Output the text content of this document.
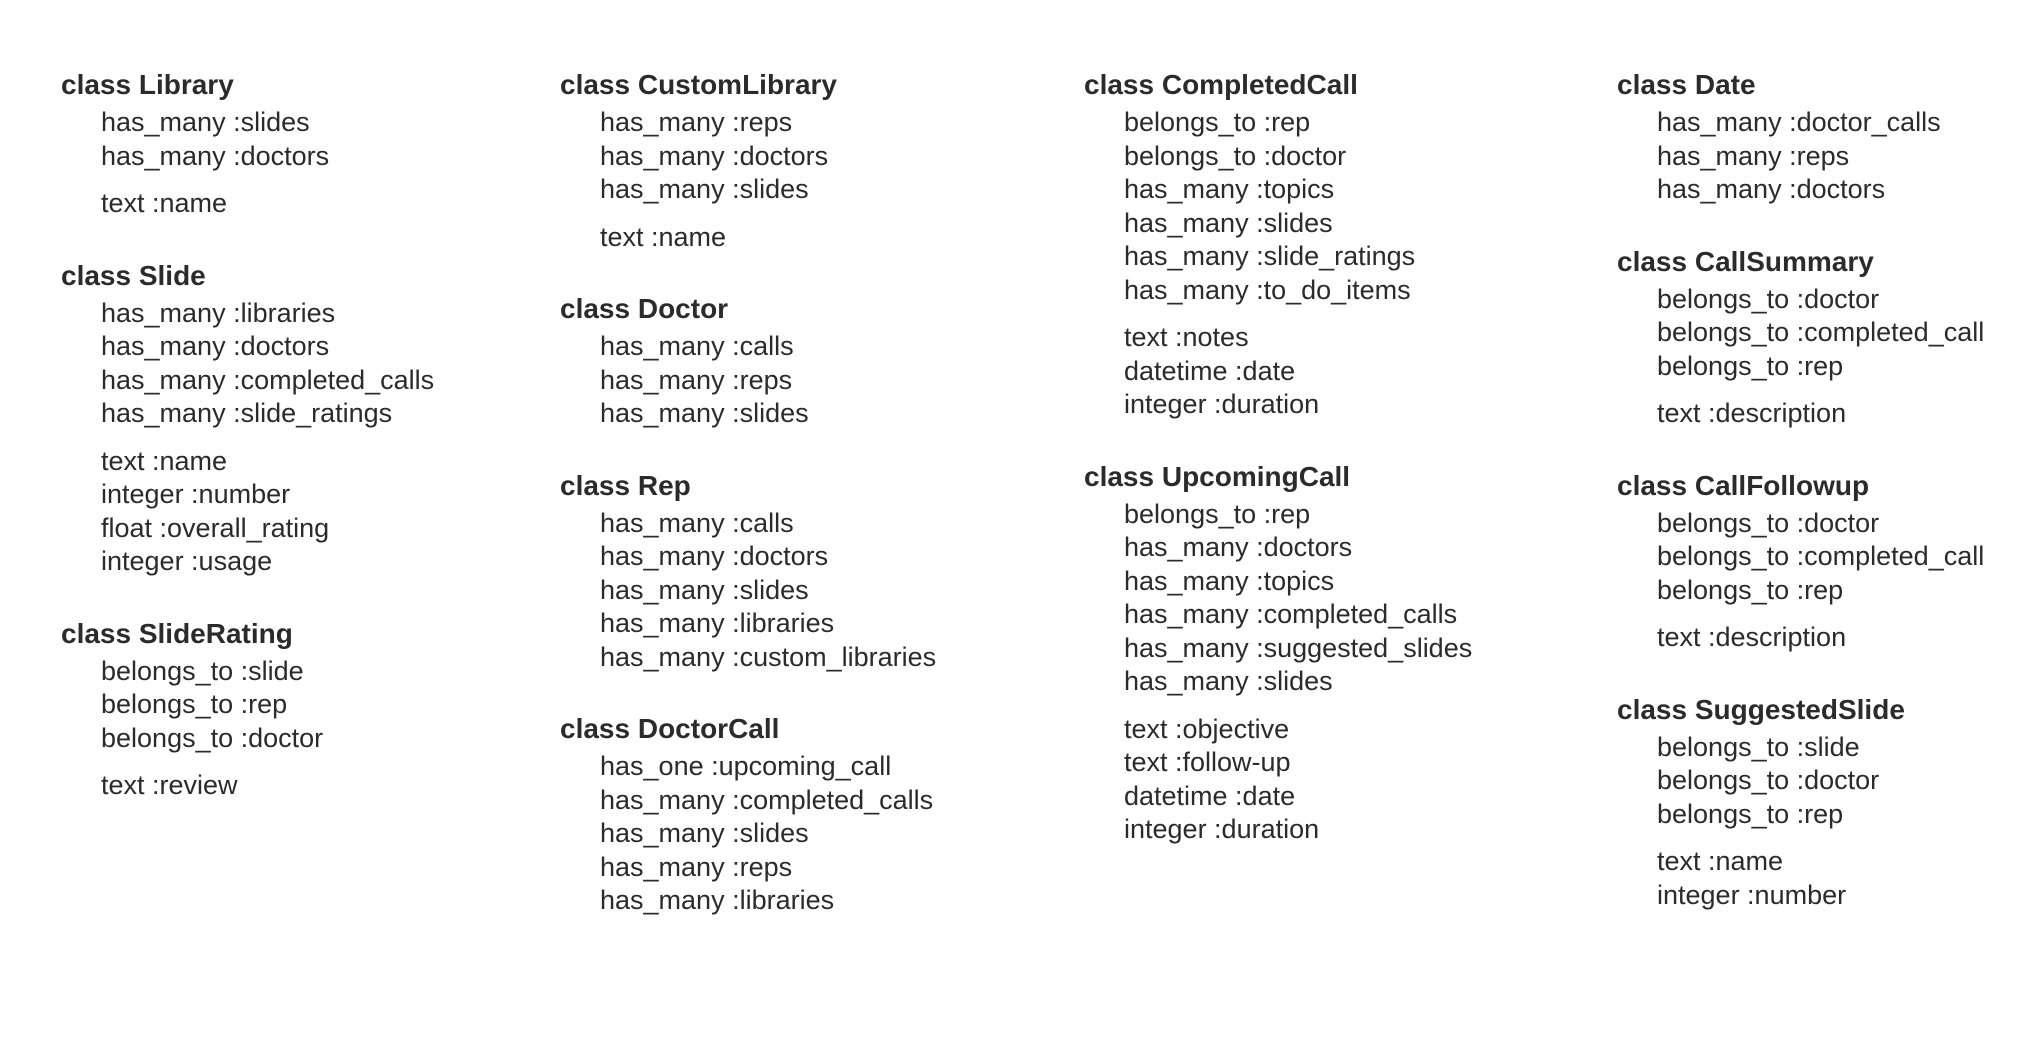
class Library
has_many :slides
has_many :doctors
text :name
class Slide
has_many :libraries
has_many :doctors
has_many :completed_calls
has_many :slide_ratings
text :name
integer :number
float :overall_rating
integer :usage
class SlideRating
belongs_to :slide
belongs_to :rep
belongs_to :doctor
text :review
class CustomLibrary
has_many :reps
has_many :doctors
has_many :slides
text :name
class Doctor
has_many :calls
has_many :reps
has_many :slides
class Rep
has_many :calls
has_many :doctors
has_many :slides
has_many :libraries
has_many :custom_libraries
class DoctorCall
has_one :upcoming_call
has_many :completed_calls
has_many :slides
has_many :reps
has_many :libraries
class CompletedCall
belongs_to :rep
belongs_to :doctor
has_many :topics
has_many :slides
has_many :slide_ratings
has_many :to_do_items
text :notes
datetime :date
integer :duration
class UpcomingCall
belongs_to :rep
has_many :doctors
has_many :topics
has_many :completed_calls
has_many :suggested_slides
has_many :slides
text :objective
text :follow-up
datetime :date
integer :duration
class Date
has_many :doctor_calls
has_many :reps
has_many :doctors
class CallSummary
belongs_to :doctor
belongs_to :completed_call
belongs_to :rep
text :description
class CallFollowup
belongs_to :doctor
belongs_to :completed_call
belongs_to :rep
text :description
class SuggestedSlide
belongs_to :slide
belongs_to :doctor
belongs_to :rep
text :name
integer :number
